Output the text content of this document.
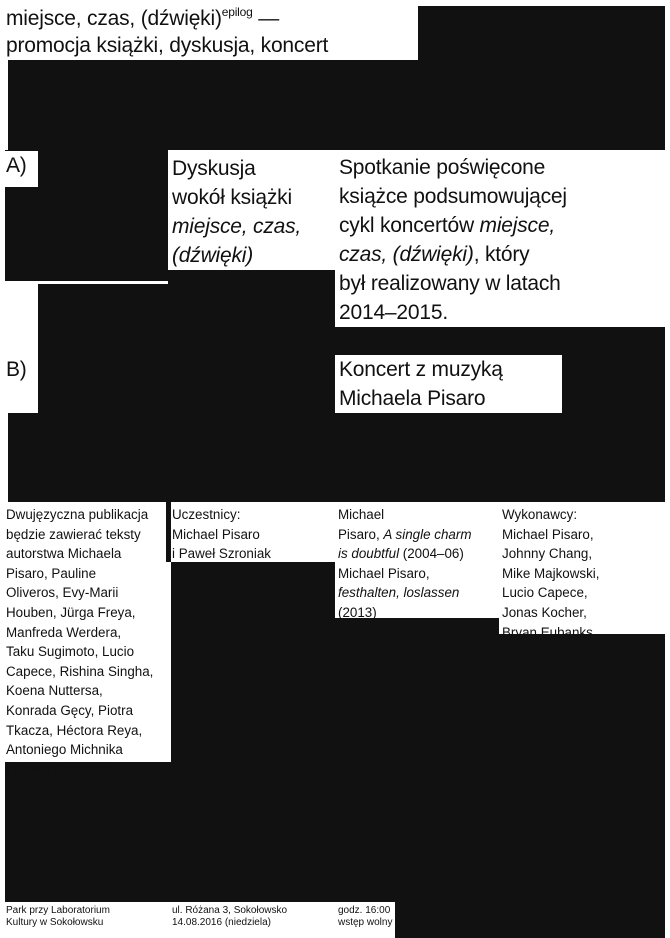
miejsce, czas, (dźwięki)$^{epilog}$ —
promocja książki, dyskusja, koncert
A)	Dyskusja
wokół książki
miejsce, czas,
(dźwięki)
Spotkanie poświęcone
książce podsumowującej
cykl koncertów miejsce,
czas, (dźwięki), który
był realizowany w latach
2014–2015.
B)	Koncert z muzyką
Michaela Pisaro
Dwujęzyczna publikacja
będzie zawierać teksty
autorstwa Michaela
Pisaro, Pauline
Oliveros, Evy-Marii
Houben, Jürga Freya,
Manfreda Werdera,
Taku Sugimoto, Lucio
Capece, Rishina Singha,
Koena Nuttersa,
Konrada Gęcy, Piotra
Tkacza, Héctora Reya,
Antoniego Michnika
i Pawła Szroniaka.
Uczestnicy:
Michael Pisaro
i Paweł Szroniak
Michael
Pisaro, A single charm
is doubtful (2004–06)
Michael Pisaro,
festhalten, loslassen
(2013)
Wykonawcy:
Michael Pisaro,
Johnny Chang,
Mike Majkowski,
Lucio Capece,
Jonas Kocher,
Bryan Eubanks
Park przy Laboratorium
Kultury w Sokołowsku
ul. Różana 3, Sokołowsko
14.08.2016 (niedziela)
godz. 16:00
wstęp wolny
